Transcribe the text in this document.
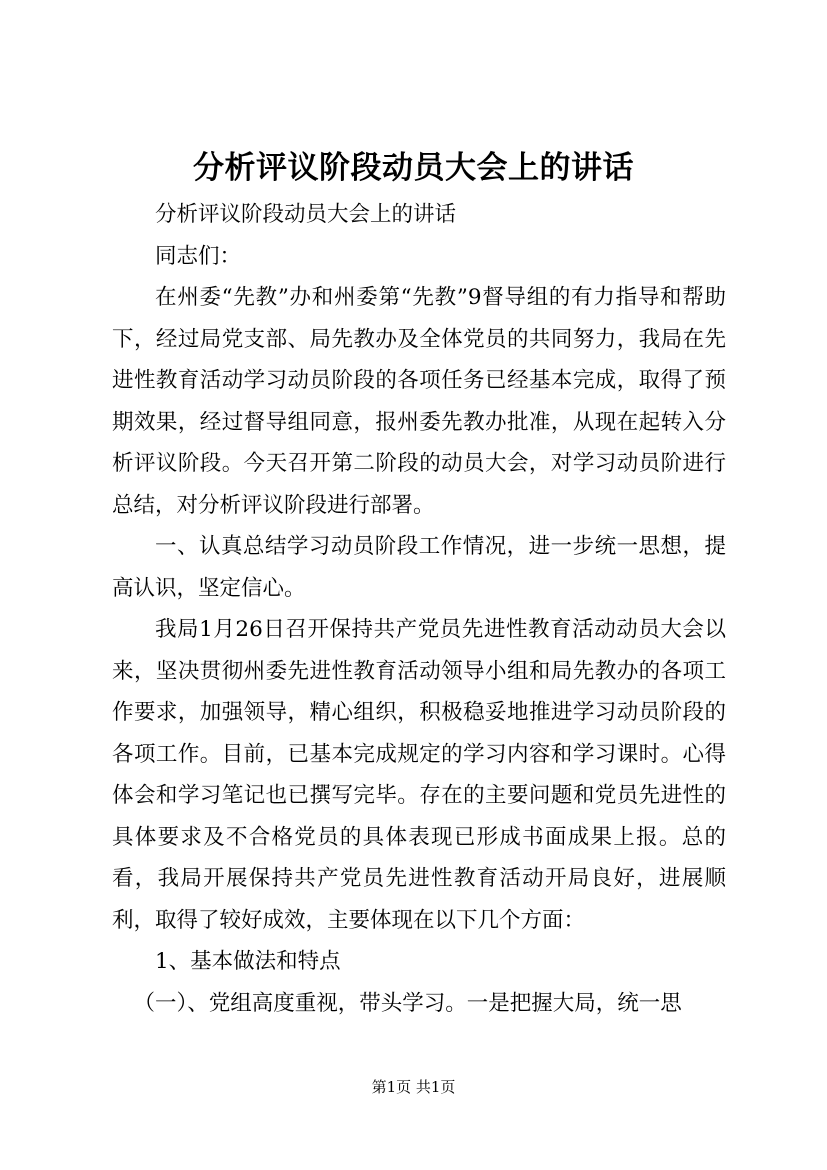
分析评议阶段动员大会上的讲话

分析评议阶段动员大会上的讲话

同志们：

在州委“先教”办和州委第“先教”9督导组的有力指导和帮助下，经过局党支部、局先教办及全体党员的共同努力，我局在先进性教育活动学习动员阶段的各项任务已经基本完成，取得了预期效果，经过督导组同意，报州委先教办批准，从现在起转入分析评议阶段。今天召开第二阶段的动员大会，对学习动员阶进行总结，对分析评议阶段进行部署。

一、认真总结学习动员阶段工作情况，进一步统一思想，提高认识，坚定信心。

我局1月26日召开保持共产党员先进性教育活动动员大会以来，坚决贯彻州委先进性教育活动领导小组和局先教办的各项工作要求，加强领导，精心组织，积极稳妥地推进学习动员阶段的各项工作。目前，已基本完成规定的学习内容和学习课时。心得体会和学习笔记也已撰写完毕。存在的主要问题和党员先进性的具体要求及不合格党员的具体表现已形成书面成果上报。总的看，我局开展保持共产党员先进性教育活动开局良好，进展顺利，取得了较好成效，主要体现在以下几个方面：

1、基本做法和特点

（一）、党组高度重视，带头学习。一是把握大局，统一思

第1页 共1页
